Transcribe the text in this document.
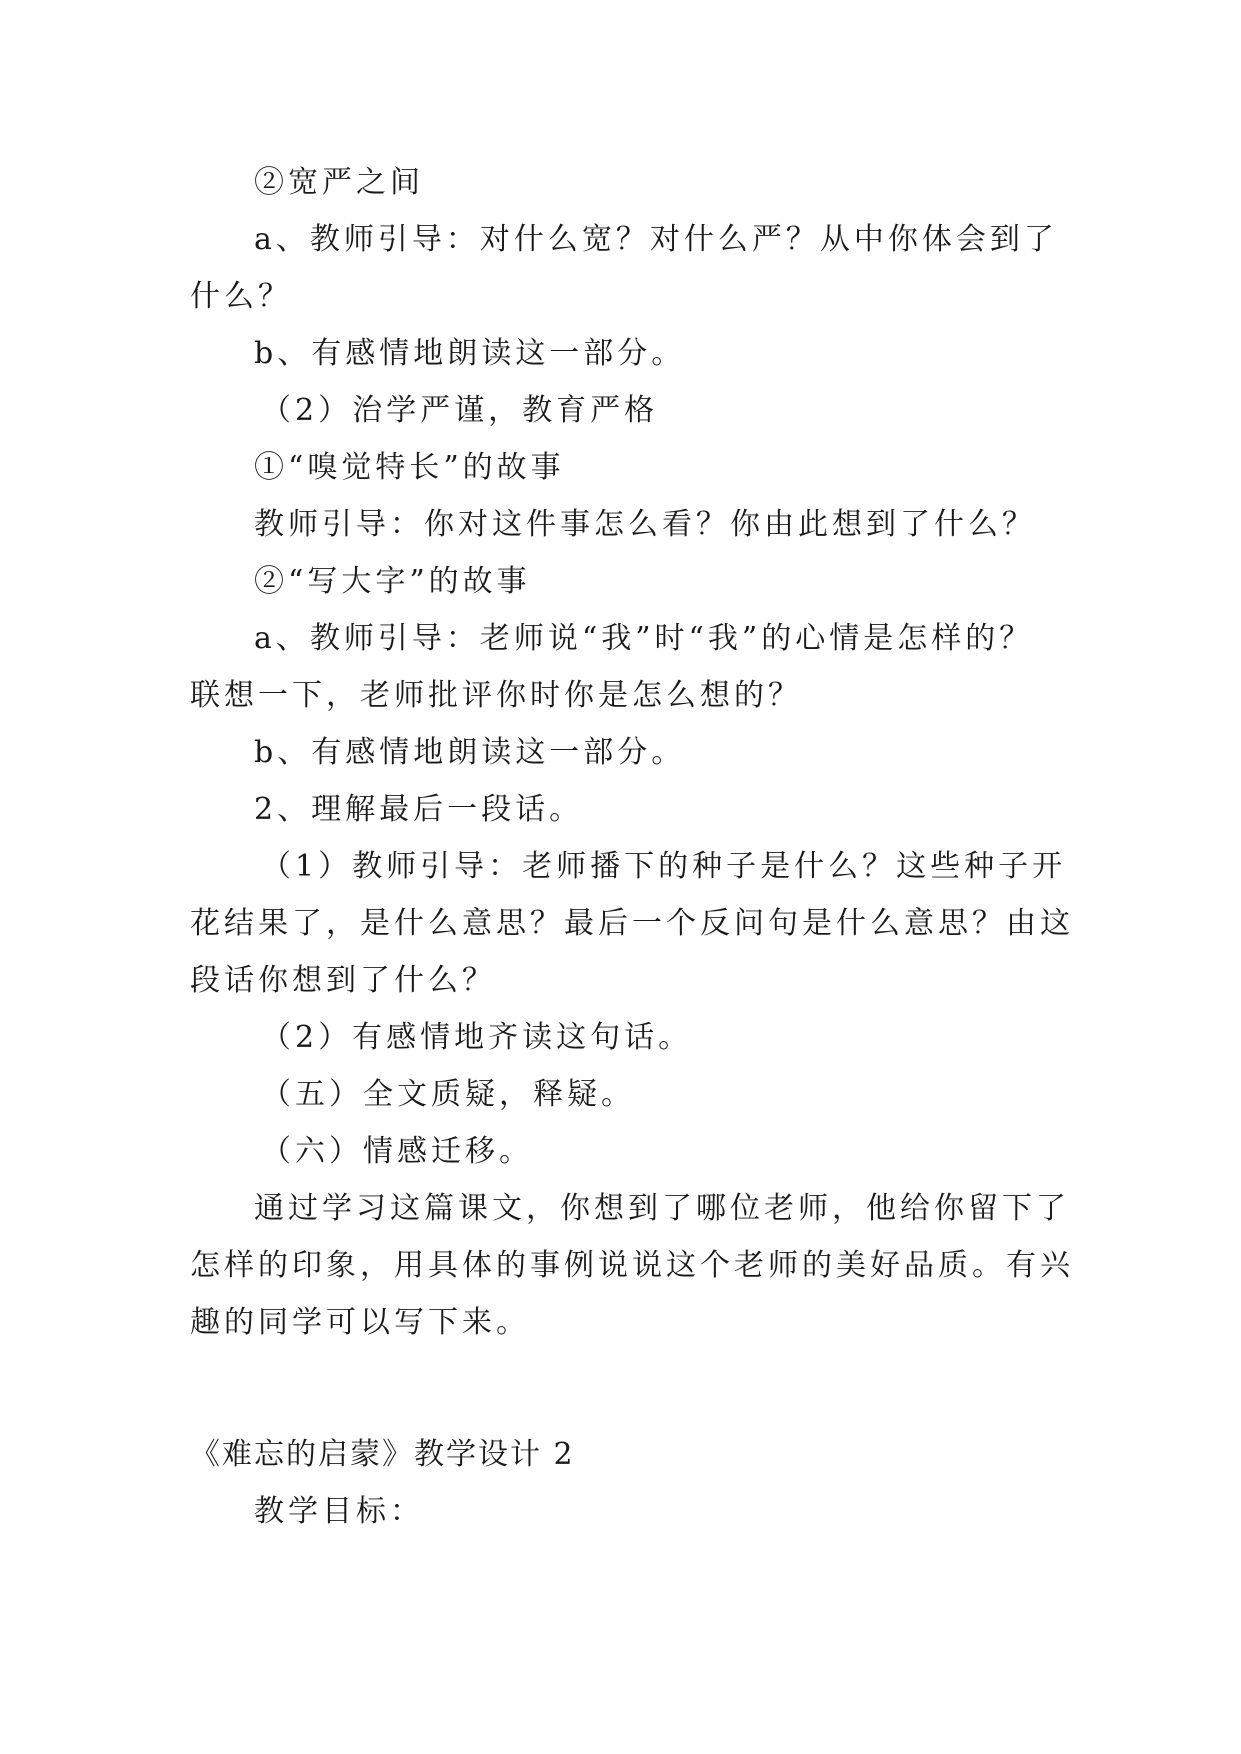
②宽严之间
a、教师引导：对什么宽？对什么严？从中你体会到了
什么？
b、有感情地朗读这一部分。
（2）治学严谨，教育严格
①“嗅觉特长”的故事
教师引导：你对这件事怎么看？你由此想到了什么？
②“写大字”的故事
a、教师引导：老师说“我”时“我”的心情是怎样的？
联想一下，老师批评你时你是怎么想的？
b、有感情地朗读这一部分。
2、理解最后一段话。
（1）教师引导：老师播下的种子是什么？这些种子开
花结果了，是什么意思？最后一个反问句是什么意思？由这
段话你想到了什么？
（2）有感情地齐读这句话。
（五）全文质疑，释疑。
（六）情感迁移。
通过学习这篇课文，你想到了哪位老师，他给你留下了
怎样的印象，用具体的事例说说这个老师的美好品质。有兴
趣的同学可以写下来。
《难忘的启蒙》教学设计 2
教学目标：
